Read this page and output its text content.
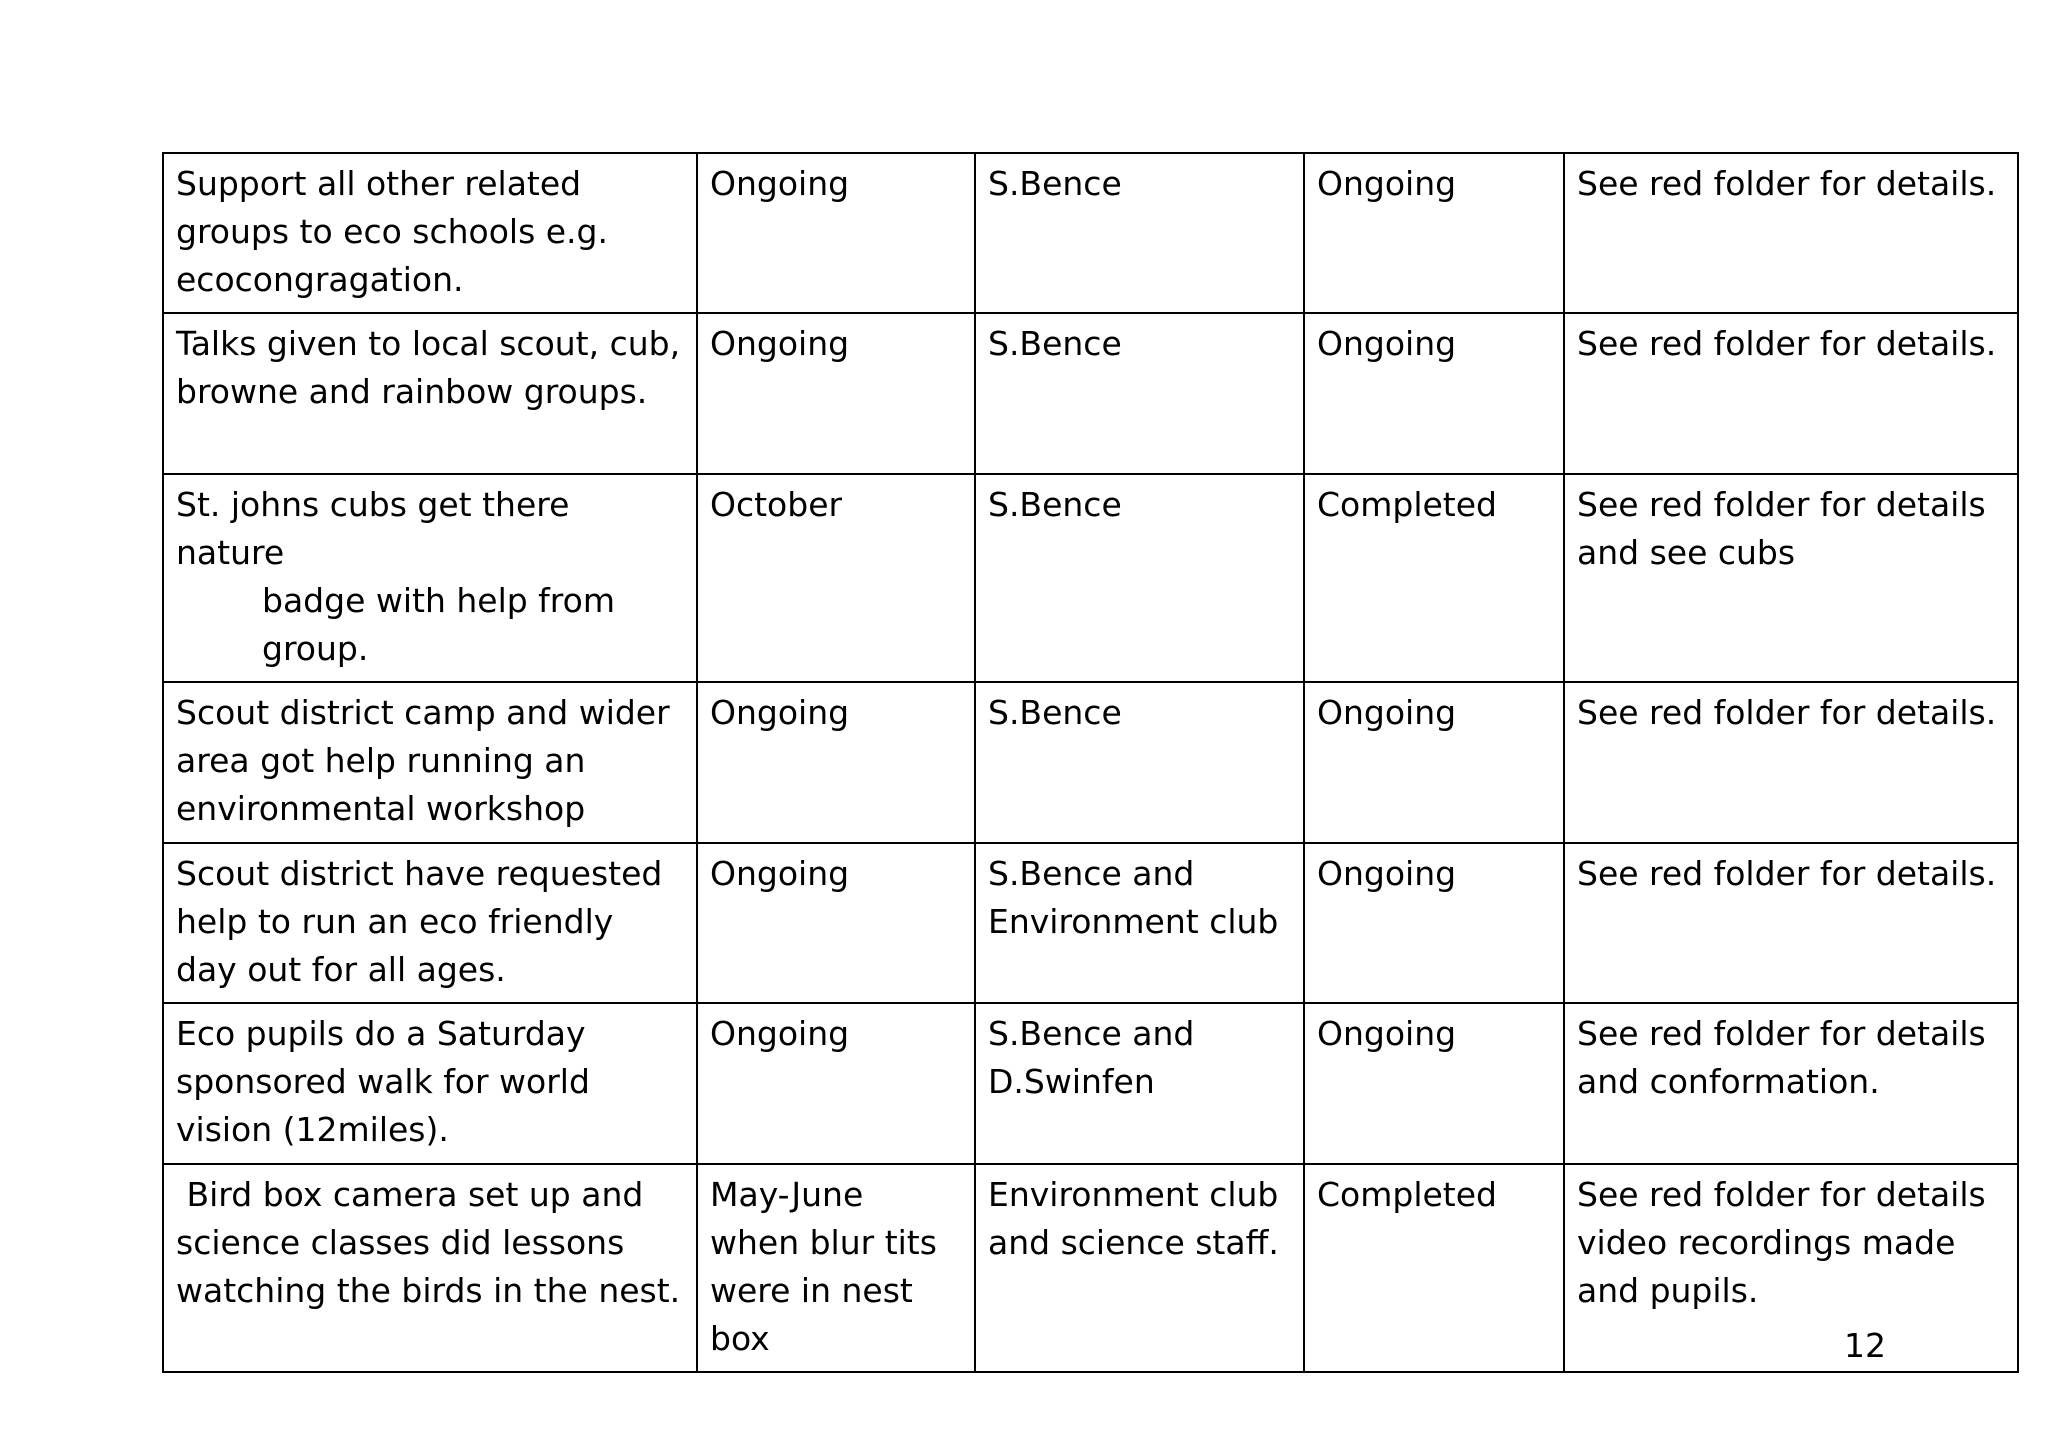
Support all other related groups to eco schools e.g. ecocongragation.	Ongoing	S.Bence	Ongoing	See red folder for details.

Talks given to local scout, cub, browne and rainbow groups.	Ongoing	S.Bence	Ongoing	See red folder for details.

St. johns cubs get there nature
badge with help from group.	October	S.Bence	Completed	See red folder for details and see cubs

Scout district camp and wider area got help running an environmental workshop	Ongoing	S.Bence	Ongoing	See red folder for details.

Scout district have requested help to run an eco friendly day out for all ages.	Ongoing	S.Bence and Environment club	Ongoing	See red folder for details.

Eco pupils do a Saturday sponsored walk for world vision (12miles).	Ongoing	S.Bence and D.Swinfen	Ongoing	See red folder for details and conformation.

Bird box camera set up and science classes did lessons watching the birds in the nest.	May-June when blur tits were in nest box	Environment club and science staff.	Completed	See red folder for details video recordings made and pupils.
12
